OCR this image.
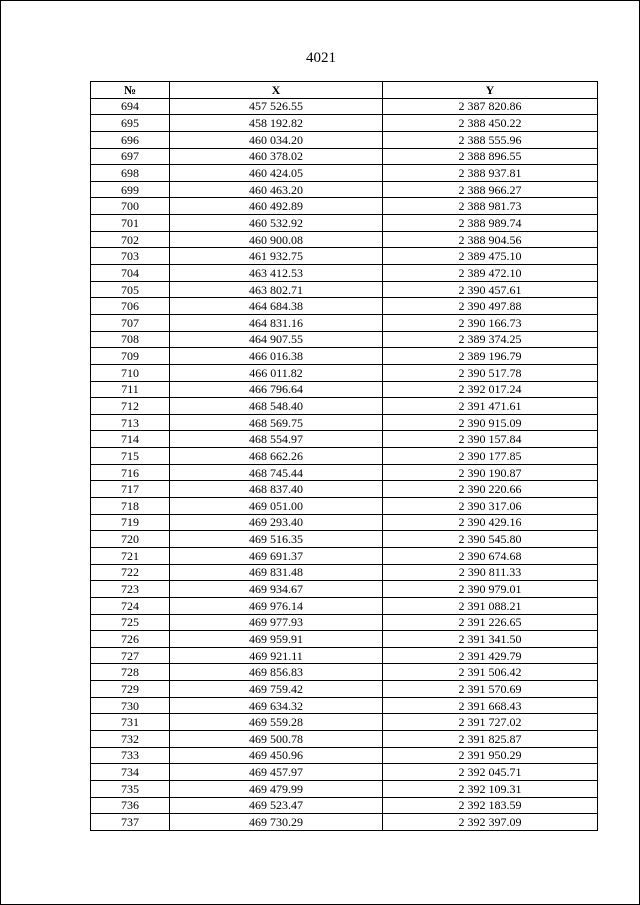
4021
№	X	Y
694	457 526.55	2 387 820.86
695	458 192.82	2 388 450.22
696	460 034.20	2 388 555.96
697	460 378.02	2 388 896.55
698	460 424.05	2 388 937.81
699	460 463.20	2 388 966.27
700	460 492.89	2 388 981.73
701	460 532.92	2 388 989.74
702	460 900.08	2 388 904.56
703	461 932.75	2 389 475.10
704	463 412.53	2 389 472.10
705	463 802.71	2 390 457.61
706	464 684.38	2 390 497.88
707	464 831.16	2 390 166.73
708	464 907.55	2 389 374.25
709	466 016.38	2 389 196.79
710	466 011.82	2 390 517.78
711	466 796.64	2 392 017.24
712	468 548.40	2 391 471.61
713	468 569.75	2 390 915.09
714	468 554.97	2 390 157.84
715	468 662.26	2 390 177.85
716	468 745.44	2 390 190.87
717	468 837.40	2 390 220.66
718	469 051.00	2 390 317.06
719	469 293.40	2 390 429.16
720	469 516.35	2 390 545.80
721	469 691.37	2 390 674.68
722	469 831.48	2 390 811.33
723	469 934.67	2 390 979.01
724	469 976.14	2 391 088.21
725	469 977.93	2 391 226.65
726	469 959.91	2 391 341.50
727	469 921.11	2 391 429.79
728	469 856.83	2 391 506.42
729	469 759.42	2 391 570.69
730	469 634.32	2 391 668.43
731	469 559.28	2 391 727.02
732	469 500.78	2 391 825.87
733	469 450.96	2 391 950.29
734	469 457.97	2 392 045.71
735	469 479.99	2 392 109.31
736	469 523.47	2 392 183.59
737	469 730.29	2 392 397.09
